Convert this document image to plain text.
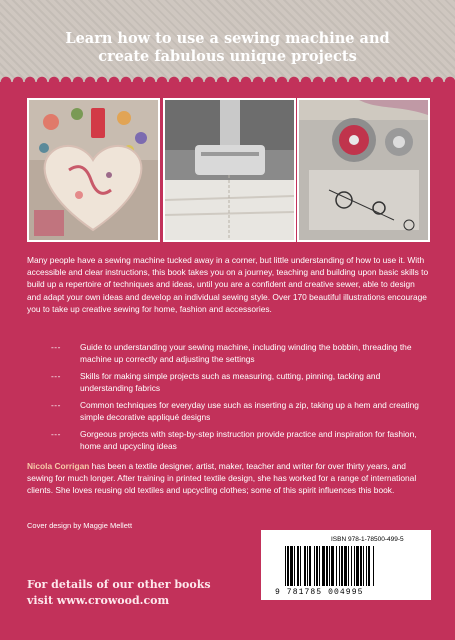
Learn how to use a sewing machine and
create fabulous unique projects

Many people have a sewing machine tucked away in a corner, but little understanding of how to use it. With accessible and clear instructions, this book takes you on a journey, teaching and building upon basic skills to build up a repertoire of techniques and ideas, until you are a confident and creative sewer, able to design and adapt your own ideas and develop an individual sewing style. Over 170 beautiful illustrations encourage you to take up creative sewing for home, fashion and accessories.

--- Guide to understanding your sewing machine, including winding the bobbin, threading the machine up correctly and adjusting the settings
--- Skills for making simple projects such as measuring, cutting, pinning, tacking and understanding fabrics
--- Common techniques for everyday use such as inserting a zip, taking up a hem and creating simple decorative appliqué designs
--- Gorgeous projects with step-by-step instruction provide practice and inspiration for fashion, home and upcycling ideas

Nicola Corrigan has been a textile designer, artist, maker, teacher and writer for over thirty years, and sewing for much longer. After training in printed textile design, she has worked for a range of international clients. She loves reusing old textiles and upcycling clothes; some of this spirit influences this book.

Cover design by Maggie Mellett
ISBN 978-1-78500-499-5
9 781785 004995
For details of our other books
visit www.crowood.com
